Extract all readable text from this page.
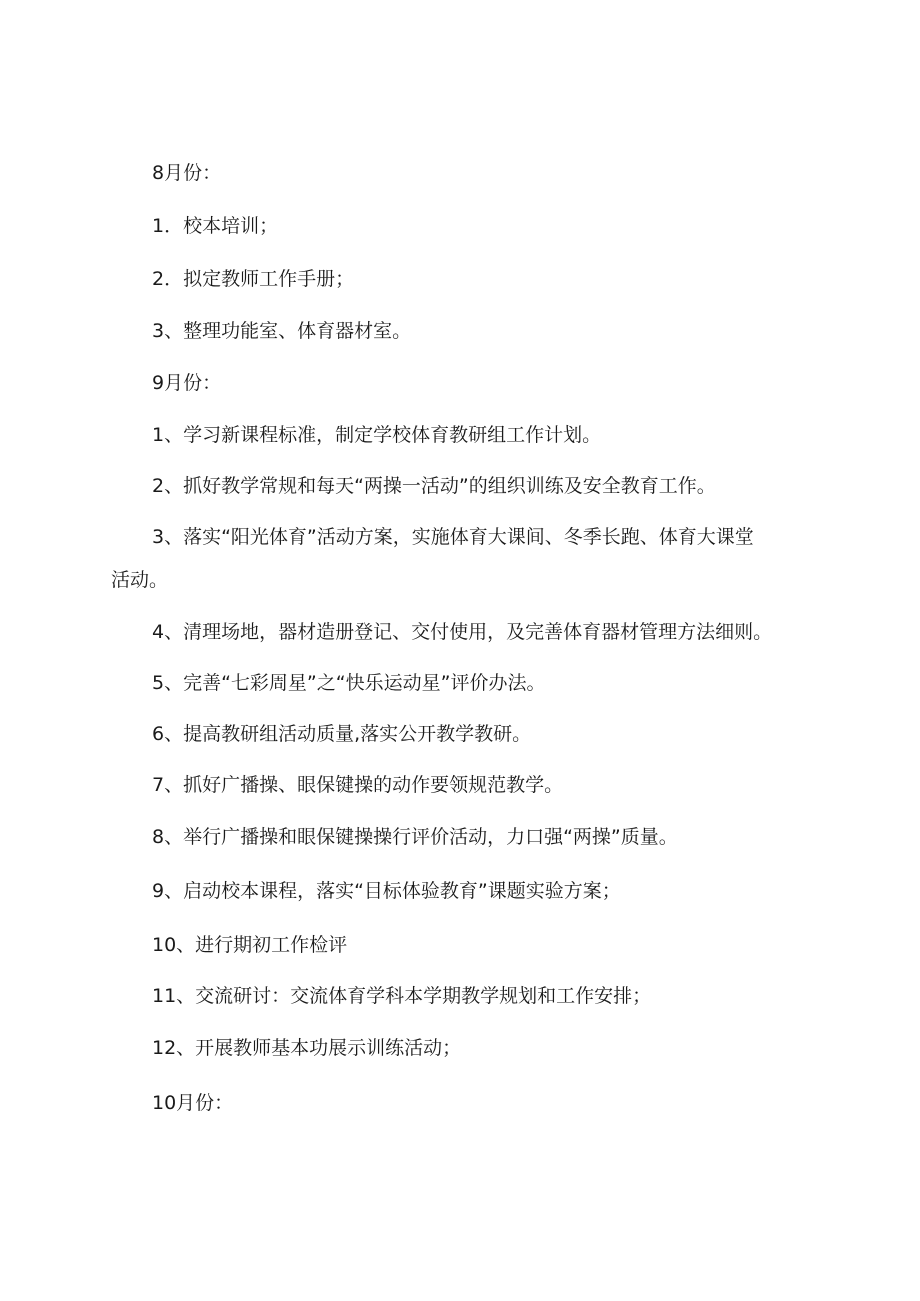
8月份：
1．校本培训；
2．拟定教师工作手册；
3、整理功能室、体育器材室。
9月份：
1、学习新课程标准，制定学校体育教研组工作计划。
2、抓好教学常规和每天“两操一活动”的组织训练及安全教育工作。
3、落实“阳光体育”活动方案，实施体育大课间、冬季长跑、体育大课堂
活动。
4、清理场地，器材造册登记、交付使用，及完善体育器材管理方法细则。
5、完善“七彩周星”之“快乐运动星”评价办法。
6、提高教研组活动质量,落实公开教学教研。
7、抓好广播操、眼保键操的动作要领规范教学。
8、举行广播操和眼保键操操行评价活动，力口强“两操”质量。
9、启动校本课程，落实“目标体验教育”课题实验方案；
10、进行期初工作检评
11、交流研讨：交流体育学科本学期教学规划和工作安排；
12、开展教师基本功展示训练活动；
10月份：
